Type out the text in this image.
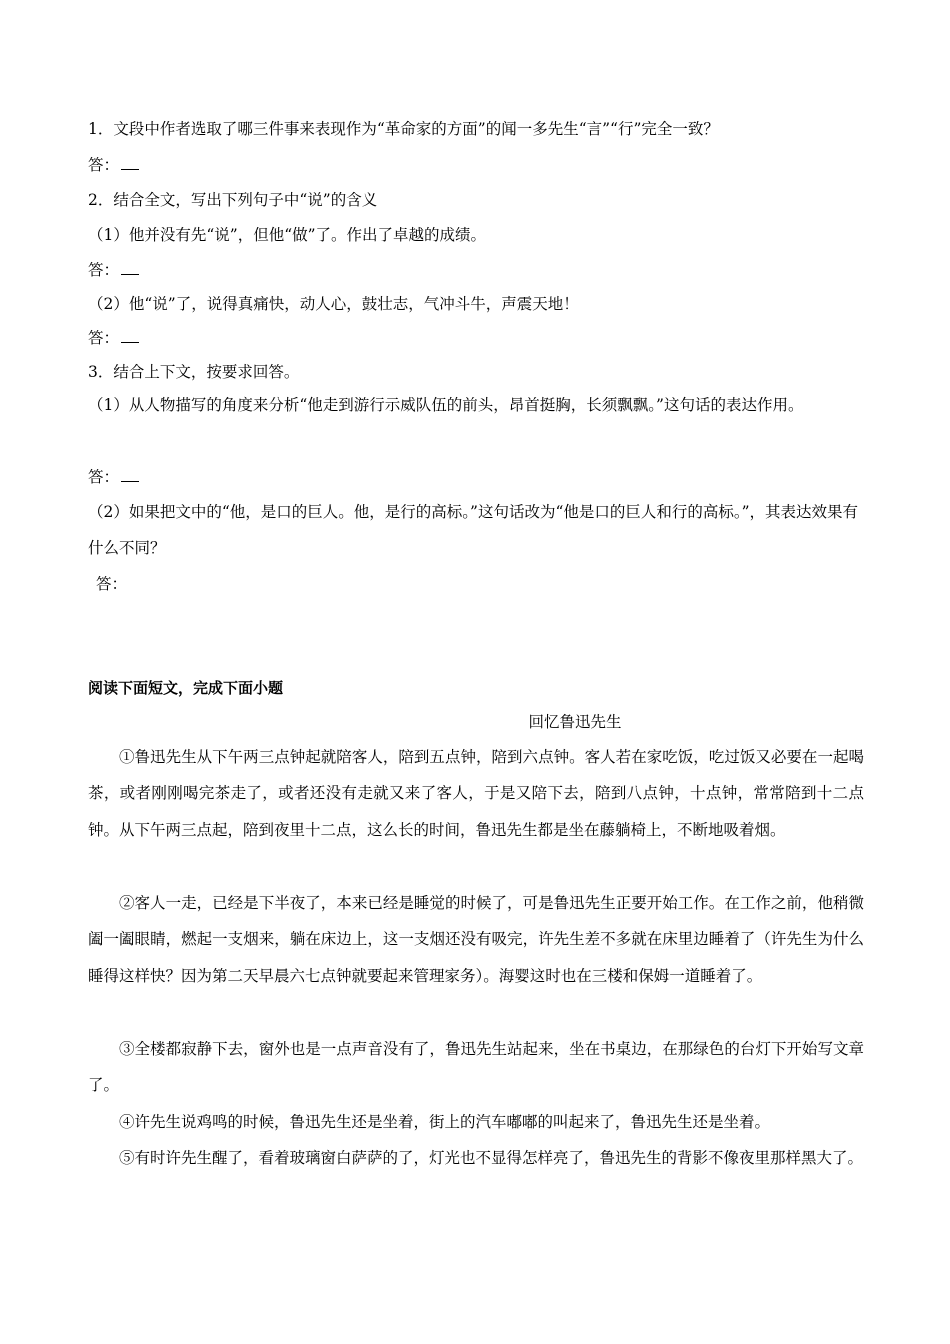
1．文段中作者选取了哪三件事来表现作为“革命家的方面”的闻一多先生“言”“行”完全一致？
答：
2．结合全文，写出下列句子中“说”的含义
（1）他并没有先“说”，但他“做”了。作出了卓越的成绩。
答：
（2）他“说”了，说得真痛快，动人心，鼓壮志，气冲斗牛，声震天地！
答：
3．结合上下文，按要求回答。
（1）从人物描写的角度来分析“他走到游行示威队伍的前头，昂首挺胸，长须飘飘。”这句话的表达作用。
答：
（2）如果把文中的“他，是口的巨人。他，是行的高标。”这句话改为“他是口的巨人和行的高标。”，其表达效果有什么不同？
答：
阅读下面短文，完成下面小题
回忆鲁迅先生
①鲁迅先生从下午两三点钟起就陪客人，陪到五点钟，陪到六点钟。客人若在家吃饭，吃过饭又必要在一起喝茶，或者刚刚喝完茶走了，或者还没有走就又来了客人，于是又陪下去，陪到八点钟，十点钟，常常陪到十二点钟。从下午两三点起，陪到夜里十二点，这么长的时间，鲁迅先生都是坐在藤躺椅上，不断地吸着烟。
②客人一走，已经是下半夜了，本来已经是睡觉的时候了，可是鲁迅先生正要开始工作。在工作之前，他稍微阖一阖眼睛，燃起一支烟来，躺在床边上，这一支烟还没有吸完，许先生差不多就在床里边睡着了（许先生为什么睡得这样快？因为第二天早晨六七点钟就要起来管理家务）。海婴这时也在三楼和保姆一道睡着了。
③全楼都寂静下去，窗外也是一点声音没有了，鲁迅先生站起来，坐在书桌边，在那绿色的台灯下开始写文章了。
④许先生说鸡鸣的时候，鲁迅先生还是坐着，街上的汽车嘟嘟的叫起来了，鲁迅先生还是坐着。
⑤有时许先生醒了，看着玻璃窗白萨萨的了，灯光也不显得怎样亮了，鲁迅先生的背影不像夜里那样黑大了。
